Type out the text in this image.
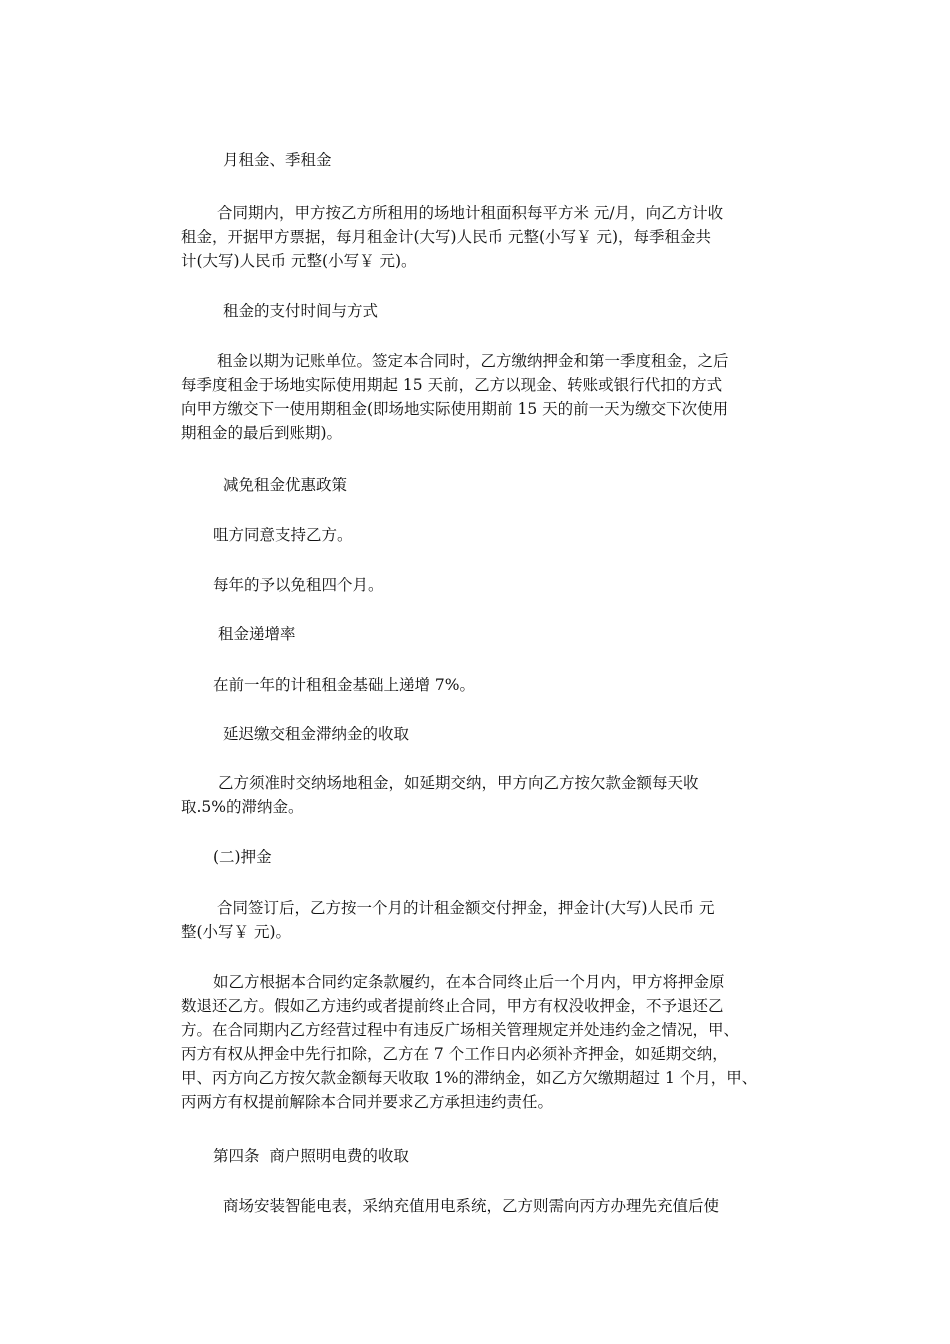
月租金、季租金
合同期内，甲方按乙方所租用的场地计租面积每平方米 元/月，向乙方计收
租金，开据甲方票据，每月租金计(大写)人民币 元整(小写￥ 元)，每季租金共
计(大写)人民币 元整(小写￥ 元)。
租金的支付时间与方式
租金以期为记账单位。签定本合同时，乙方缴纳押金和第一季度租金，之后
每季度租金于场地实际使用期起 15 天前，乙方以现金、转账或银行代扣的方式
向甲方缴交下一使用期租金(即场地实际使用期前 15 天的前一天为缴交下次使用
期租金的最后到账期)。
减免租金优惠政策
咀方同意支持乙方。
每年的予以免租四个月。
租金递增率
在前一年的计租租金基础上递增 7%。
延迟缴交租金滞纳金的收取
乙方须准时交纳场地租金，如延期交纳，甲方向乙方按欠款金额每天收
取.5%的滞纳金。
(二)押金
合同签订后，乙方按一个月的计租金额交付押金，押金计(大写)人民币 元
整(小写￥ 元)。
如乙方根据本合同约定条款履约，在本合同终止后一个月内，甲方将押金原
数退还乙方。假如乙方违约或者提前终止合同，甲方有权没收押金，不予退还乙
方。在合同期内乙方经营过程中有违反广场相关管理规定并处违约金之情况，甲、
丙方有权从押金中先行扣除，乙方在 7 个工作日内必须补齐押金，如延期交纳，
甲、丙方向乙方按欠款金额每天收取 1%的滞纳金，如乙方欠缴期超过 1 个月，甲、
丙两方有权提前解除本合同并要求乙方承担违约责任。
第四条  商户照明电费的收取
商场安装智能电表，采纳充值用电系统，乙方则需向丙方办理先充值后使
